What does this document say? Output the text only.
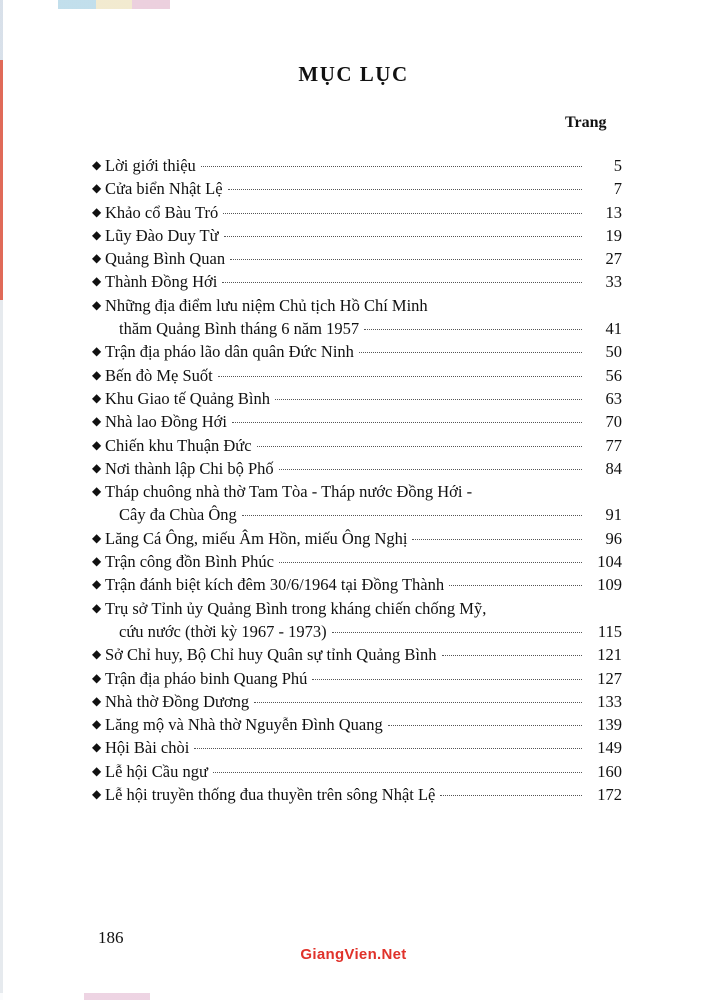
MỤC LỤC
Trang
◆ Lời giới thiệu	5
◆ Cửa biển Nhật Lệ	7
◆ Khảo cổ Bàu Tró	13
◆ Lũy Đào Duy Từ	19
◆ Quảng Bình Quan	27
◆ Thành Đồng Hới	33
◆ Những địa điểm lưu niệm Chủ tịch Hồ Chí Minh
thăm Quảng Bình tháng 6 năm 1957	41
◆ Trận địa pháo lão dân quân Đức Ninh	50
◆ Bến đò Mẹ Suốt	56
◆ Khu Giao tế Quảng Bình	63
◆ Nhà lao Đồng Hới	70
◆ Chiến khu Thuận Đức	77
◆ Nơi thành lập Chi bộ Phố	84
◆ Tháp chuông nhà thờ Tam Tòa - Tháp nước Đồng Hới -
Cây đa Chùa Ông	91
◆ Lăng Cá Ông, miếu Âm Hồn, miếu Ông Nghị	96
◆ Trận công đồn Bình Phúc	104
◆ Trận đánh biệt kích đêm 30/6/1964 tại Đồng Thành	109
◆ Trụ sở Tỉnh ủy Quảng Bình trong kháng chiến chống Mỹ,
cứu nước (thời kỳ 1967 - 1973)	115
◆ Sở Chỉ huy, Bộ Chỉ huy Quân sự tỉnh Quảng Bình	121
◆ Trận địa pháo binh Quang Phú	127
◆ Nhà thờ Đồng Dương	133
◆ Lăng mộ và Nhà thờ Nguyễn Đình Quang	139
◆ Hội Bài chòi	149
◆ Lễ hội Cầu ngư	160
◆ Lễ hội truyền thống đua thuyền trên sông Nhật Lệ	172
186
GiangVien.Net
